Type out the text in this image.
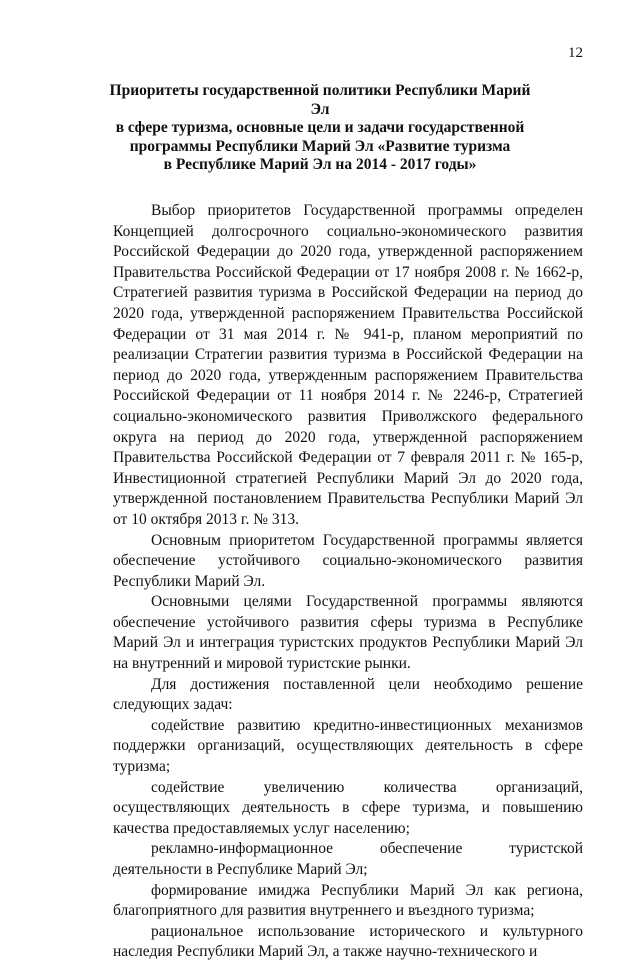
12
Приоритеты государственной политики Республики Марий Эл
в сфере туризма, основные цели и задачи государственной
программы Республики Марий Эл «Развитие туризма
в Республике Марий Эл на 2014 - 2017 годы»

Выбор приоритетов Государственной программы определен Концепцией долгосрочного социально-экономического развития Российской Федерации до 2020 года, утвержденной распоряжением Правительства Российской Федерации от 17 ноября 2008 г. № 1662-р, Стратегией развития туризма в Российской Федерации на период до 2020 года, утвержденной распоряжением Правительства Российской Федерации от 31 мая 2014 г. № 941-р, планом мероприятий по реализации Стратегии развития туризма в Российской Федерации на период до 2020 года, утвержденным распоряжением Правительства Российской Федерации от 11 ноября 2014 г. № 2246-р, Стратегией социально-экономического развития Приволжского федерального округа на период до 2020 года, утвержденной распоряжением Правительства Российской Федерации от 7 февраля 2011 г. № 165-р, Инвестиционной стратегией Республики Марий Эл до 2020 года, утвержденной постановлением Правительства Республики Марий Эл от 10 октября 2013 г. № 313.

Основным приоритетом Государственной программы является обеспечение устойчивого социально-экономического развития Республики Марий Эл.

Основными целями Государственной программы являются обеспечение устойчивого развития сферы туризма в Республике Марий Эл и интеграция туристских продуктов Республики Марий Эл на внутренний и мировой туристские рынки.

Для достижения поставленной цели необходимо решение следующих задач:

содействие развитию кредитно-инвестиционных механизмов поддержки организаций, осуществляющих деятельность в сфере туризма;

содействие увеличению количества организаций, осуществляющих деятельность в сфере туризма, и повышению качества предоставляемых услуг населению;

рекламно-информационное обеспечение туристской деятельности в Республике Марий Эл;

формирование имиджа Республики Марий Эл как региона, благоприятного для развития внутреннего и въездного туризма;

рациональное использование исторического и культурного наследия Республики Марий Эл, а также научно-технического и
